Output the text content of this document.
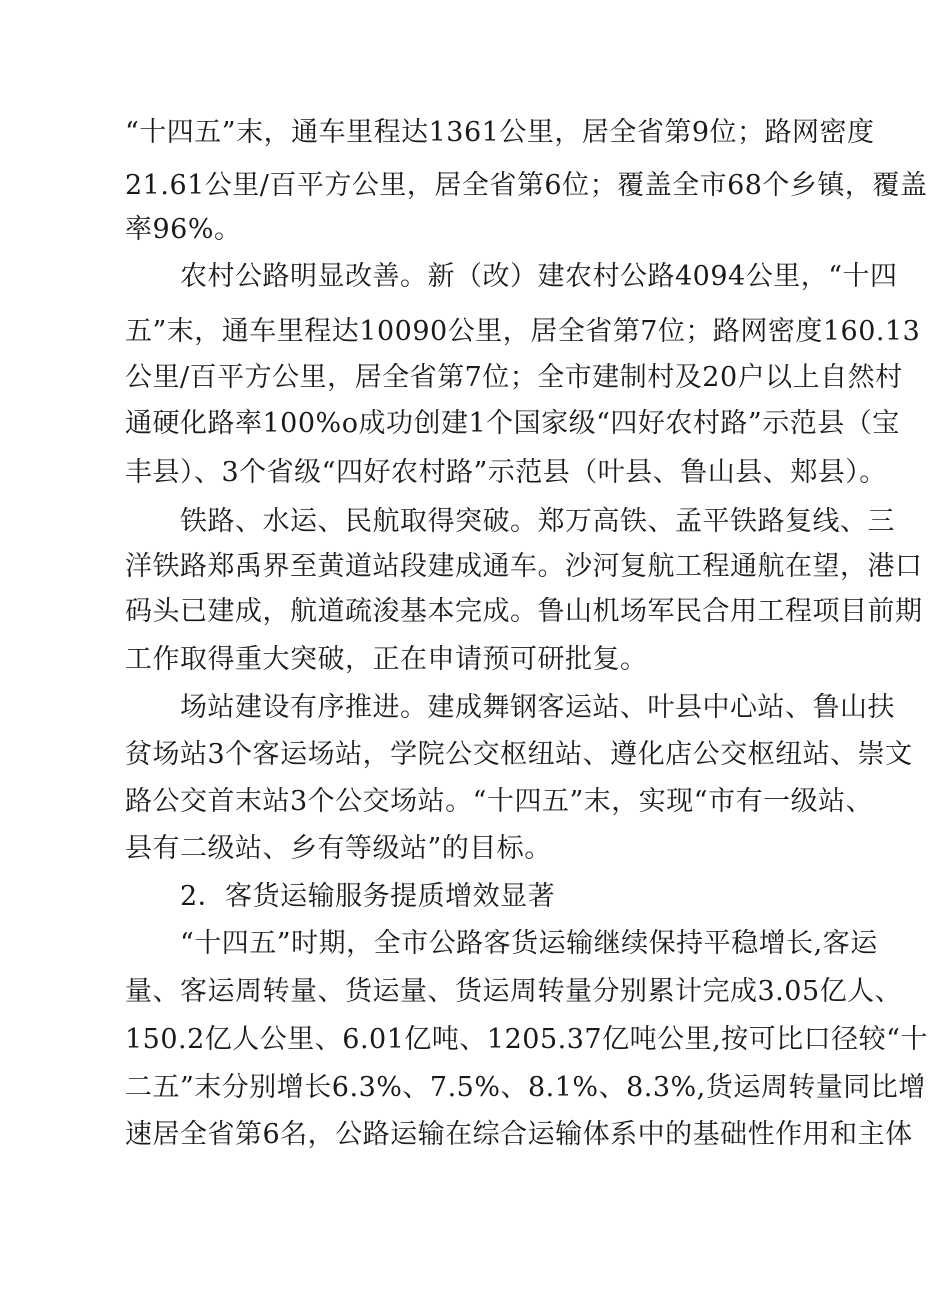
“十四五”末，通车里程达1361公里，居全省第9位；路网密度
21.61公里/百平方公里，居全省第6位；覆盖全市68个乡镇，覆盖
率96%。
农村公路明显改善。新（改）建农村公路4094公里，“十四
五”末，通车里程达10090公里，居全省第7位；路网密度160.13
公里/百平方公里，居全省第7位；全市建制村及20户以上自然村
通硬化路率100%o成功创建1个国家级“四好农村路”示范县（宝
丰县）、3个省级“四好农村路”示范县（叶县、鲁山县、郏县）。
铁路、水运、民航取得突破。郑万高铁、孟平铁路复线、三
洋铁路郑禹界至黄道站段建成通车。沙河复航工程通航在望，港口
码头已建成，航道疏浚基本完成。鲁山机场军民合用工程项目前期
工作取得重大突破，正在申请预可研批复。
场站建设有序推进。建成舞钢客运站、叶县中心站、鲁山扶
贫场站3个客运场站，学院公交枢纽站、遵化店公交枢纽站、崇文
路公交首末站3个公交场站。“十四五”末，实现“市有一级站、
县有二级站、乡有等级站”的目标。
2．客货运输服务提质增效显著
“十四五”时期，全市公路客货运输继续保持平稳增长,客运
量、客运周转量、货运量、货运周转量分别累计完成3.05亿人、
150.2亿人公里、6.01亿吨、1205.37亿吨公里,按可比口径较“十
二五”末分别增长6.3%、7.5%、8.1%、8.3%,货运周转量同比增
速居全省第6名，公路运输在综合运输体系中的基础性作用和主体
